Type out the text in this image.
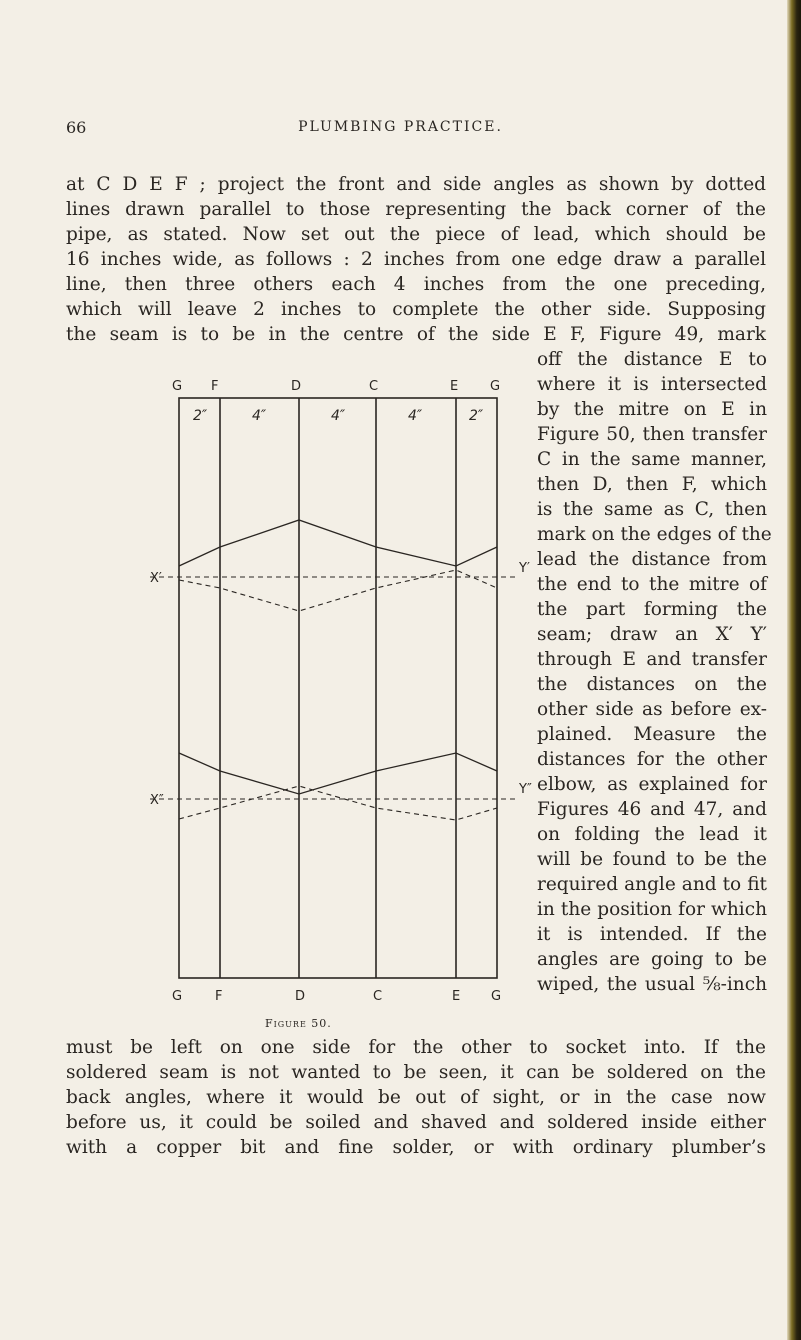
66	PLUMBING PRACTICE.
at C D E F ; project the front and side angles as shown by dotted
lines drawn parallel to those representing the back corner of the
pipe, as stated. Now set out the piece of lead, which should be
16 inches wide, as follows : 2 inches from one edge draw a parallel
line, then three others each 4 inches from the one preceding,
which will leave 2 inches to complete the other side. Supposing
the seam is to be in the centre of the side E F, Figure 49, mark
off the distance E to
where it is intersected
by the mitre on E in
Figure 50, then transfer
C in the same manner,
then D, then F, which
is the same as C, then
mark on the edges of the
lead the distance from
the end to the mitre of
the part forming the
seam; draw an X′ Y′
through E and transfer
the distances on the
other side as before ex-
plained. Measure the
distances for the other
elbow, as explained for
Figures 46 and 47, and
on folding the lead it
will be found to be the
required angle and to fit
in the position for which
it is intended. If the
angles are going to be
wiped, the usual ⅝-inch
G F	D	C	E G
2″	4″	4″	4″	2″
X′
Y′
X″
Y″
G	F	D	C	E G
Figure 50.
must be left on one side for the other to socket into. If the
soldered seam is not wanted to be seen, it can be soldered on the
back angles, where it would be out of sight, or in the case now
before us, it could be soiled and shaved and soldered inside either
with a copper bit and fine solder, or with ordinary plumber’s
